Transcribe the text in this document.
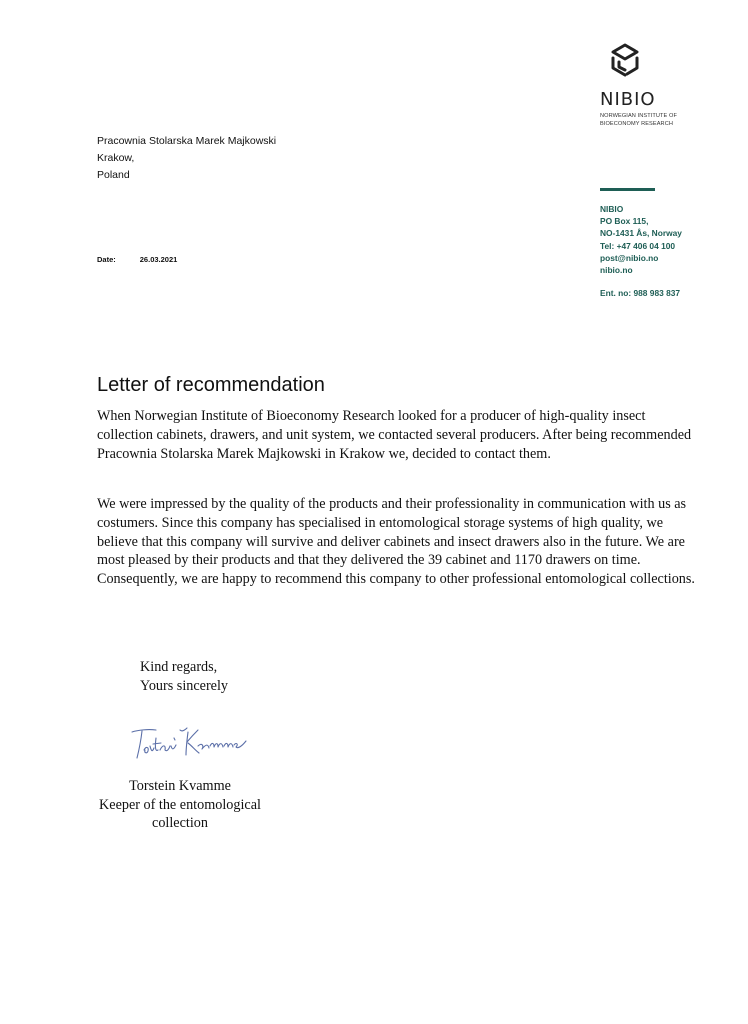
NIBIO
NORWEGIAN INSTITUTE OF
BIOECONOMY RESEARCH
Pracownia Stolarska Marek Majkowski
Krakow,
Poland
Date:	26.03.2021
NIBIO
PO Box 115,
NO-1431 Ås, Norway
Tel: +47 406 04 100
post@nibio.no
nibio.no
Ent. no: 988 983 837
Letter of recommendation

When Norwegian Institute of Bioeconomy Research looked for a producer of high-quality insect collection cabinets, drawers, and unit system, we contacted several producers. After being recommended Pracownia Stolarska Marek Majkowski in Krakow we, decided to contact them.

We were impressed by the quality of the products and their professionality in communication with us as costumers. Since this company has specialised in entomological storage systems of high quality, we believe that this company will survive and deliver cabinets and insect drawers also in the future. We are most pleased by their products and that they delivered the 39 cabinet and 1170 drawers on time. Consequently, we are happy to recommend this company to other professional entomological collections.

Kind regards,
Yours sincerely
Torstein Kvamme
Keeper of the entomological
collection
